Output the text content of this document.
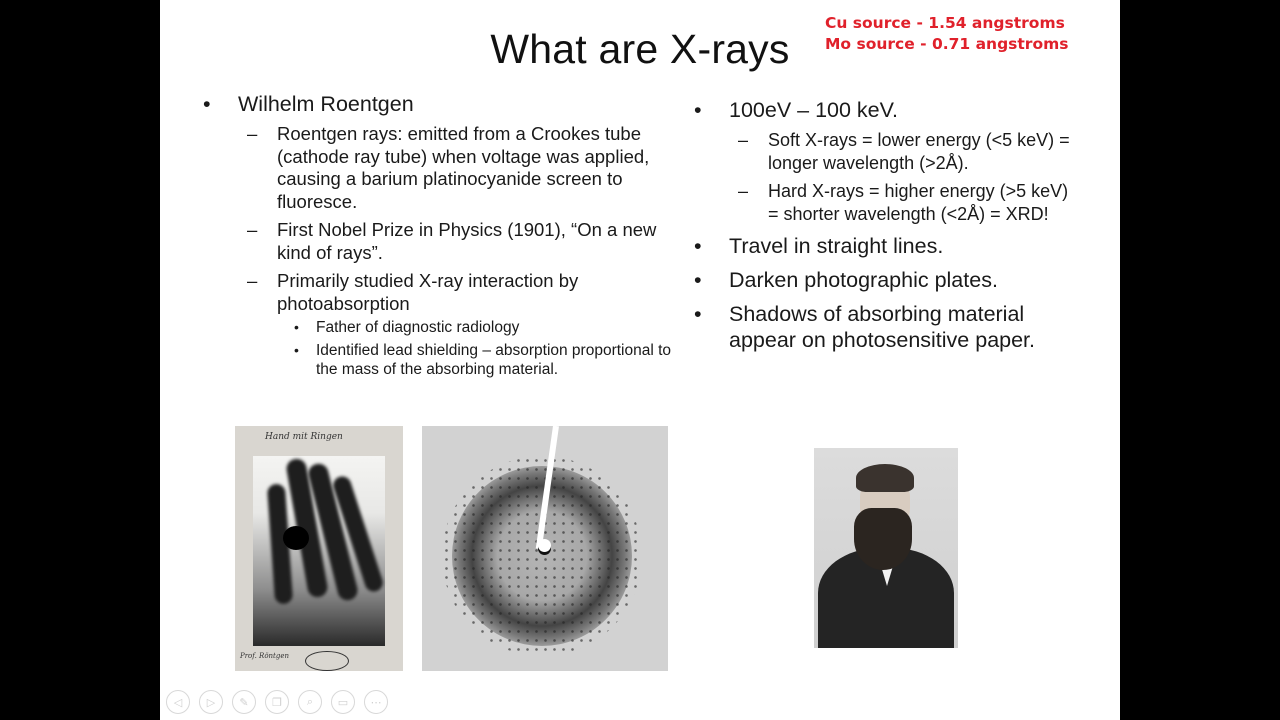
What are X-rays
Cu source - 1.54 angstroms
Mo source - 0.71 angstroms
• Wilhelm Roentgen
– Roentgen rays: emitted from a Crookes tube (cathode ray tube) when voltage was applied, causing a barium platinocyanide screen to fluoresce.
– First Nobel Prize in Physics (1901), “On a new kind of rays”.
– Primarily studied X-ray interaction by photoabsorption
• Father of diagnostic radiology
• Identified lead shielding – absorption proportional to the mass of the absorbing material.
• 100eV – 100 keV.
– Soft X-rays = lower energy (<5 keV) = longer wavelength (>2Å).
– Hard X-rays = higher energy (>5 keV) = shorter wavelength (<2Å) = XRD!
• Travel in straight lines.
• Darken photographic plates.
• Shadows of absorbing material appear on photosensitive paper.
Hand mit Ringen
Prof. Röntgen
◁	▷	✎	❐	⌕	▭	⋯
